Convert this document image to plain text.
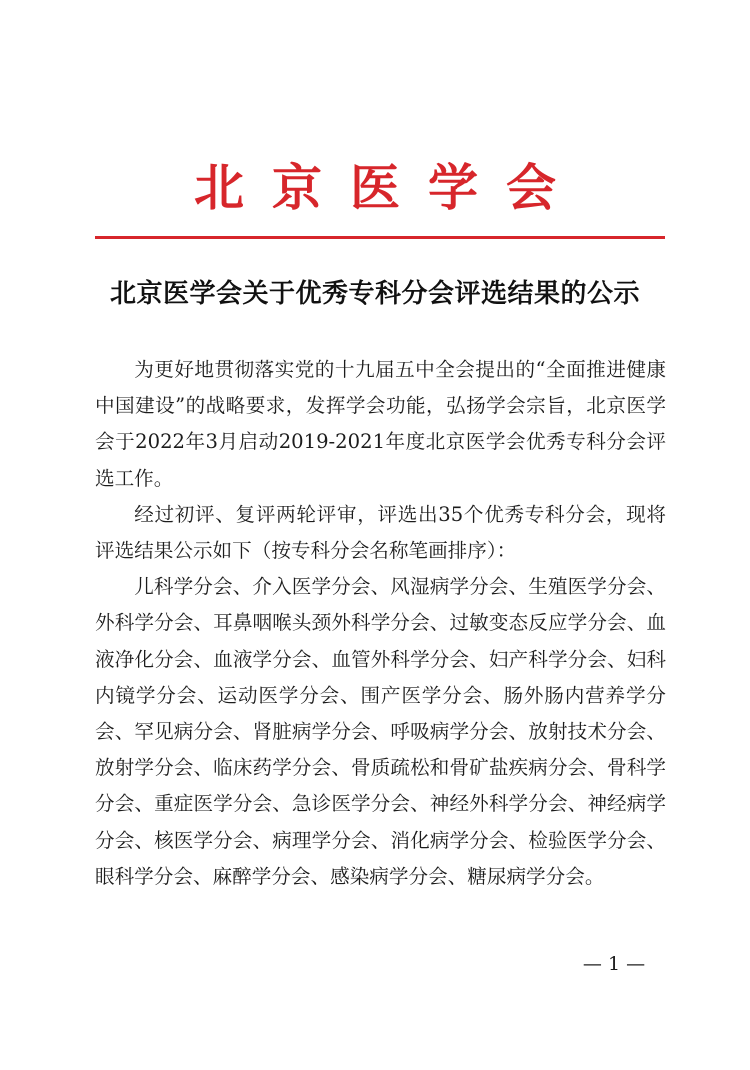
北京医学会
北京医学会关于优秀专科分会评选结果的公示

为更好地贯彻落实党的十九届五中全会提出的“全面推进健康中国建设”的战略要求，发挥学会功能，弘扬学会宗旨，北京医学会于2022年3月启动2019-2021年度北京医学会优秀专科分会评选工作。

经过初评、复评两轮评审，评选出35个优秀专科分会，现将评选结果公示如下（按专科分会名称笔画排序）：

儿科学分会、介入医学分会、风湿病学分会、生殖医学分会、外科学分会、耳鼻咽喉头颈外科学分会、过敏变态反应学分会、血液净化分会、血液学分会、血管外科学分会、妇产科学分会、妇科内镜学分会、运动医学分会、围产医学分会、肠外肠内营养学分会、罕见病分会、肾脏病学分会、呼吸病学分会、放射技术分会、放射学分会、临床药学分会、骨质疏松和骨矿盐疾病分会、骨科学分会、重症医学分会、急诊医学分会、神经外科学分会、神经病学分会、核医学分会、病理学分会、消化病学分会、检验医学分会、眼科学分会、麻醉学分会、感染病学分会、糖尿病学分会。

— 1 —
